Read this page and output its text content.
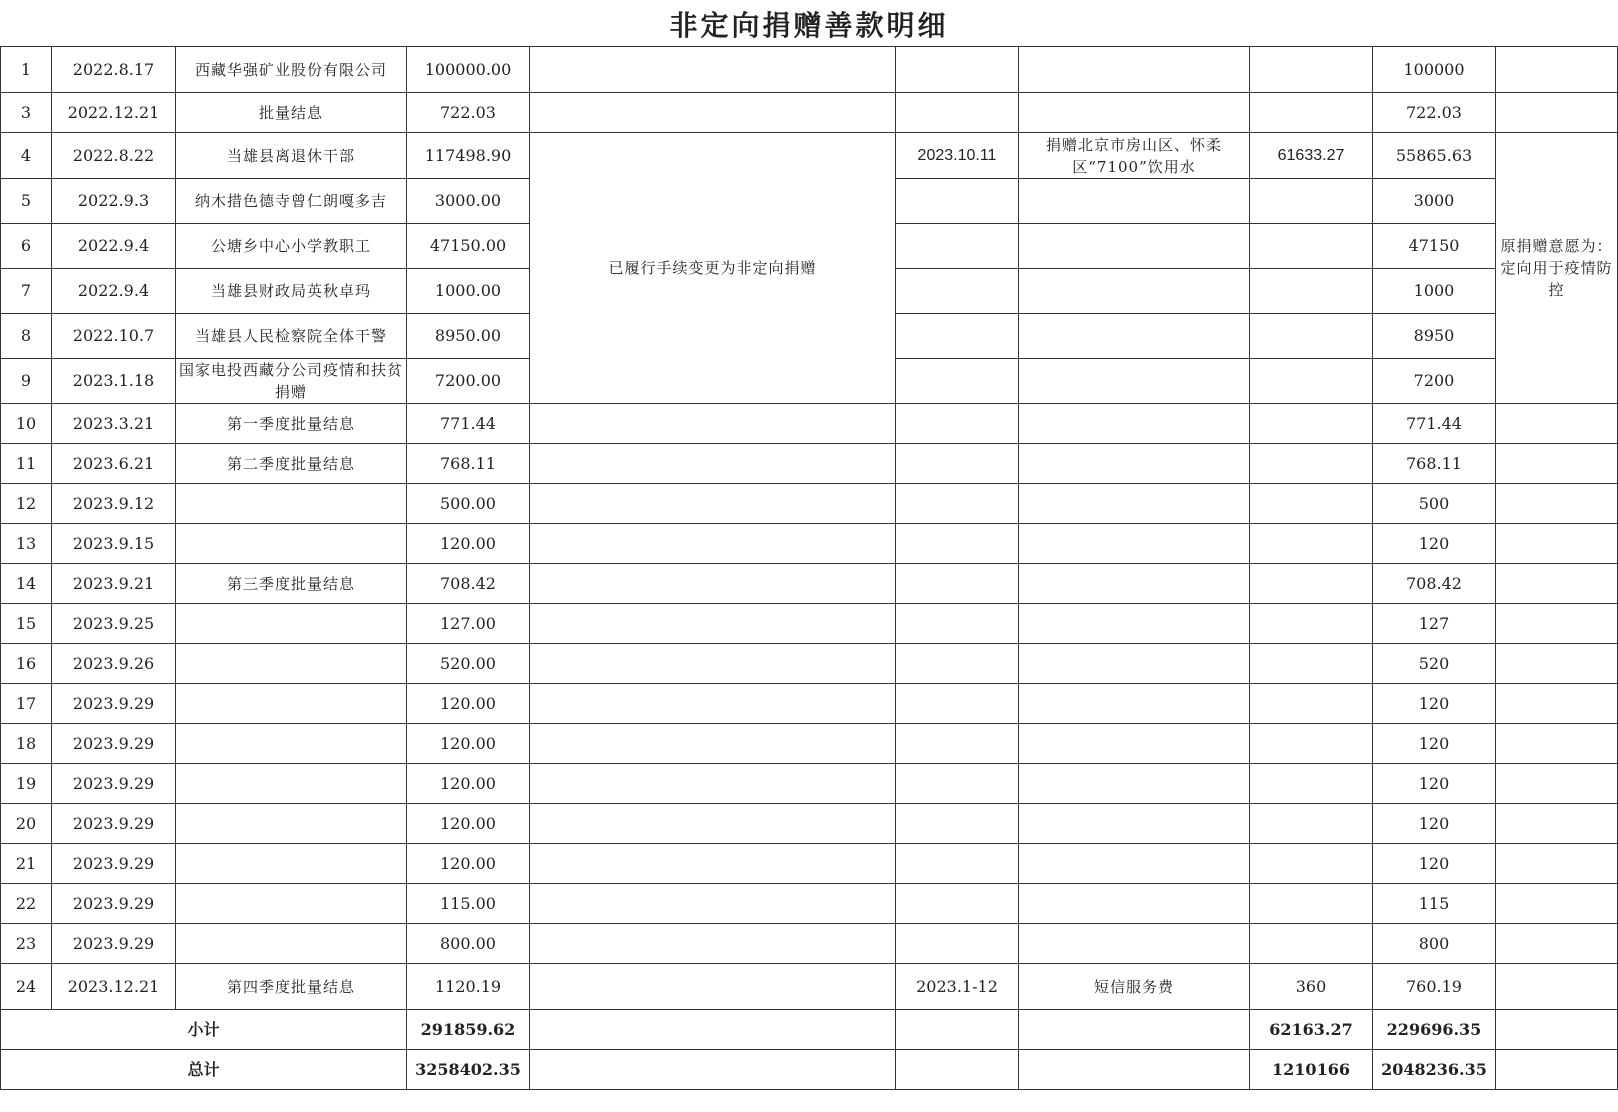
非定向捐赠善款明细
1	2022.8.17	西藏华强矿业股份有限公司	100000.00					100000	
3	2022.12.21	批量结息	722.03					722.03	
4	2022.8.22	当雄县离退休干部	117498.90	已履行手续变更为非定向捐赠	2023.10.11	捐赠北京市房山区、怀柔区“7100”饮用水	61633.27	55865.63	原捐赠意愿为：定向用于疫情防控
5	2022.9.3	纳木措色德寺曾仁朗嘎多吉	3000.00					3000	
6	2022.9.4	公塘乡中心小学教职工	47150.00					47150	
7	2022.9.4	当雄县财政局英秋卓玛	1000.00					1000	
8	2022.10.7	当雄县人民检察院全体干警	8950.00					8950	
9	2023.1.18	国家电投西藏分公司疫情和扶贫捐赠	7200.00					7200	
10	2023.3.21	第一季度批量结息	771.44					771.44	
11	2023.6.21	第二季度批量结息	768.11					768.11	
12	2023.9.12		500.00					500	
13	2023.9.15		120.00					120	
14	2023.9.21	第三季度批量结息	708.42					708.42	
15	2023.9.25		127.00					127	
16	2023.9.26		520.00					520	
17	2023.9.29		120.00					120	
18	2023.9.29		120.00					120	
19	2023.9.29		120.00					120	
20	2023.9.29		120.00					120	
21	2023.9.29		120.00					120	
22	2023.9.29		115.00					115	
23	2023.9.29		800.00					800	
24	2023.12.21	第四季度批量结息	1120.19		2023.1-12	短信服务费	360	760.19	
小计			291859.62				62163.27	229696.35	
总计			3258402.35				1210166	2048236.35	
